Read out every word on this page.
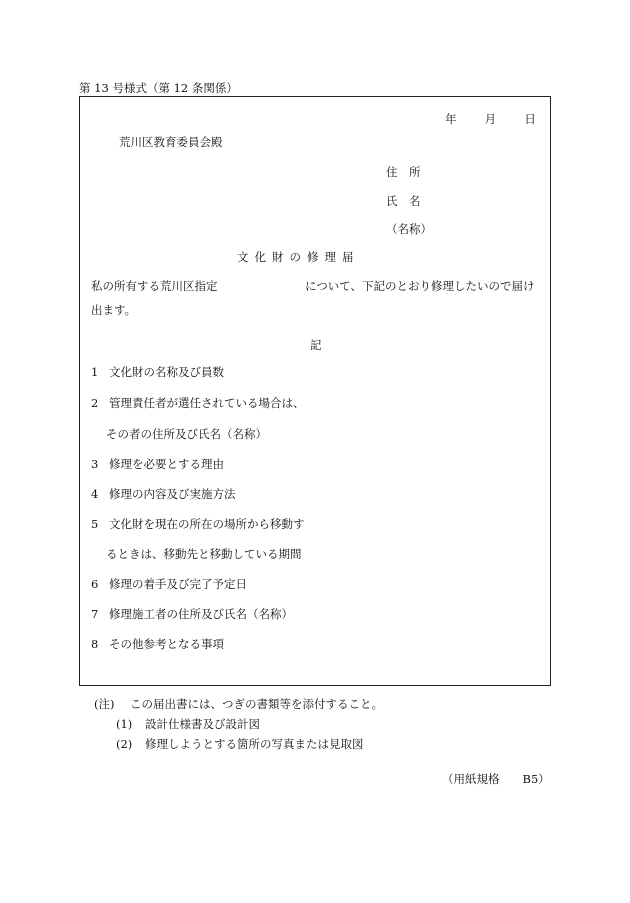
第 13 号様式（第 12 条関係）
年 月 日
荒川区教育委員会殿
住　所
氏　名
（名称）
文化財の修理届
私の所有する荒川区指定	について、下記のとおり修理したいので届け
出ます。
記
1 文化財の名称及び員数
2 管理責任者が選任されている場合は、
その者の住所及び氏名（名称）
3 修理を必要とする理由
4 修理の内容及び実施方法
5 文化財を現在の所在の場所から移動す
るときは、移動先と移動している期間
6 修理の着手及び完了予定日
7 修理施工者の住所及び氏名（名称）
8 その他参考となる事項
(注) この届出書には、つぎの書類等を添付すること。
(1) 設計仕様書及び設計図
(2) 修理しようとする箇所の写真または見取図
（用紙規格　　B5）
